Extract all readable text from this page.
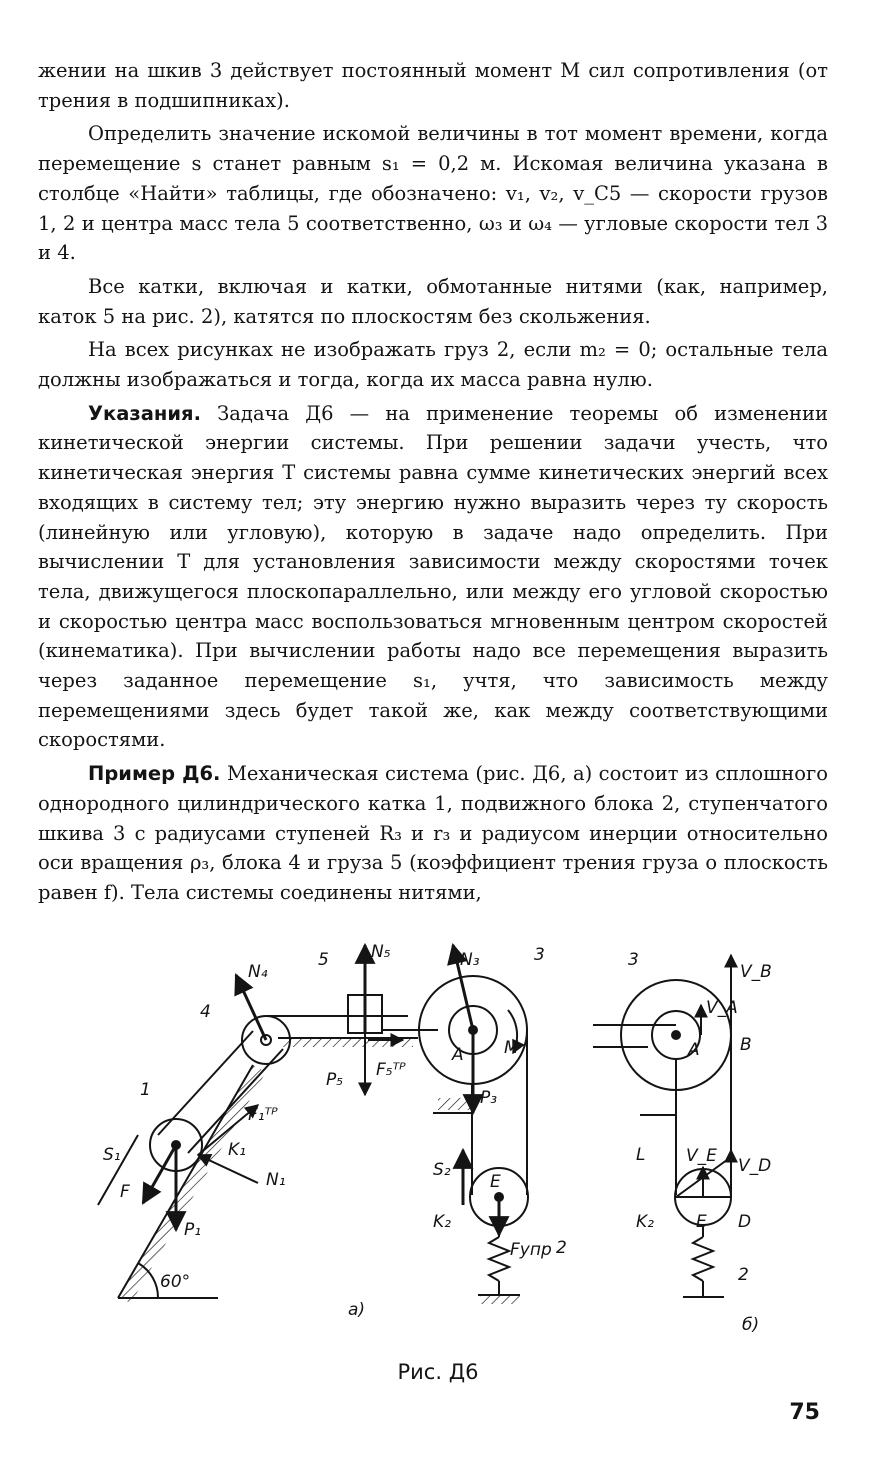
жении на шкив 3 действует постоянный момент M сил сопротивления (от трения в подшипниках).

Определить значение искомой величины в тот момент времени, когда перемещение s станет равным s₁ = 0,2 м. Искомая величина указана в столбце «Найти» таблицы, где обозначено: v₁, v₂, v_C5 — скорости грузов 1, 2 и центра масс тела 5 соответственно, ω₃ и ω₄ — угловые скорости тел 3 и 4.

Все катки, включая и катки, обмотанные нитями (как, например, каток 5 на рис. 2), катятся по плоскостям без скольжения.

На всех рисунках не изображать груз 2, если m₂ = 0; остальные тела должны изображаться и тогда, когда их масса равна нулю.

Указания. Задача Д6 — на применение теоремы об изменении кинетической энергии системы. При решении задачи учесть, что кинетическая энергия T системы равна сумме кинетических энергий всех входящих в систему тел; эту энергию нужно выразить через ту скорость (линейную или угловую), которую в задаче надо определить. При вычислении T для установления зависимости между скоростями точек тела, движущегося плоскопараллельно, или между его угловой скоростью и скоростью центра масс воспользоваться мгновенным центром скоростей (кинематика). При вычислении работы надо все перемещения выразить через заданное перемещение s₁, учтя, что зависимость между перемещениями здесь будет такой же, как между соответствующими скоростями.

Пример Д6. Механическая система (рис. Д6, a) состоит из сплошного однородного цилиндрического катка 1, подвижного блока 2, ступенчатого шкива 3 с радиусами ступеней R₃ и r₃ и радиусом инерции относительно оси вращения ρ₃, блока 4 и груза 5 (коэффициент трения груза о плоскость равен f). Тела системы соединены нитями,

N₄
N₅	N₃
N₁
5	3
4
1
2
F₁ᵀᴾ
K₁
S₁
F
P₁
60°
P₅ F₅ᵀᴾ
A M
P₃
S₂
E
K₂
Fупр
а)
3
V_B
V_A
A B
L V_E V_D
K₂ E D
2
б)
Рис. Д6
75
